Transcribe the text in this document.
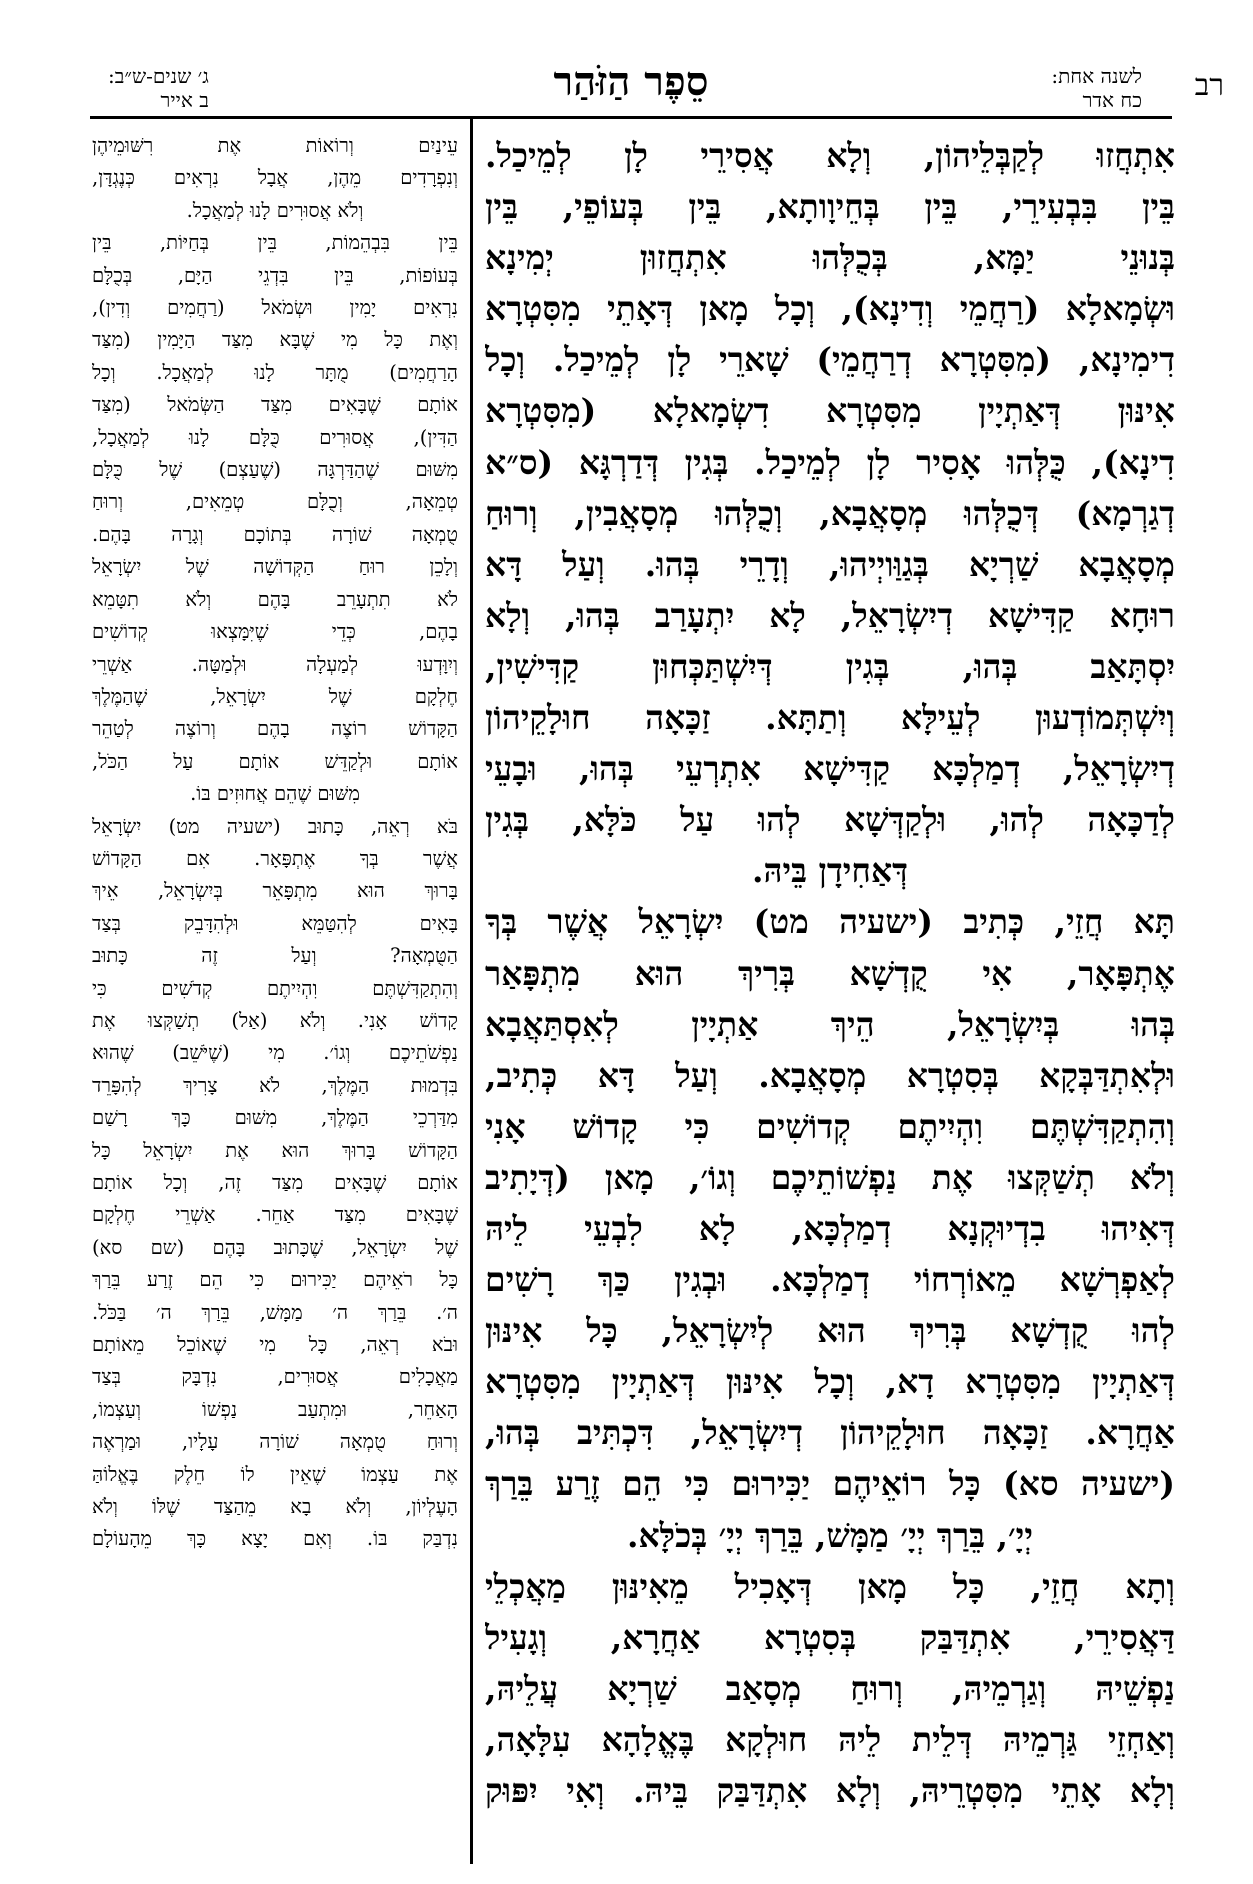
רב
לשנה אחת:
כח אדר
סֵפֶר הַזֹּהַר
ג׳ שנים-ש״ב:
ב אייר

אִתְחֲזוּ לְקַבְּלֵיהוֹן, וְלָא אֲסִירֵי לָן לְמֵיכַל.

בֵּין בִּבְעִירֵי, בֵּין בְּחֵיוָותָא, בֵּין בְּעוֹפֵי, בֵּין

בְּנוּנֵי יַמָּא, בְּכֻלְּהוּ אִתְחֲזוּן יְמִינָא

וּשְׂמָאלָא (רַחֲמֵי וְדִינָא), וְכָל מָאן דְּאָתֵי מִסִּטְרָא

דִימִינָא, (מִסִּטְרָא דְרַחֲמֵי) שָׁארֵי לָן לְמֵיכַל. וְכָל

אִינּוּן דְּאַתְיָין מִסִּטְרָא דִשְׂמָאלָא (מִסִּטְרָא

דִינָא), כֻּלְּהוּ אָסִיר לָן לְמֵיכַל. בְּגִין דְּדַרְגָּא (ס״א

דְגַרְמָא) דְּכֻלְּהוּ מְסָאֲבָא, וְכֻלְּהוּ מְסָאֲבִין, וְרוּחַ

מְסָאֲבָא שַׁרְיָא בְּגַוַּויְיהוּ, וְדָרֵי בְּהוּ. וְעַל דָּא

רוּחָא קַדִּישָׁא דְיִשְׂרָאֵל, לָא יִתְעָרַב בְּהוּ, וְלָא

יִסְתָּאַב בְּהוּ, בְּגִין דְּיִשְׁתַּכְּחוּן קַדִּישִׁין,

וְיִשְׁתְּמוֹדְעוּן לְעֵילָּא וְתַתָּא. זַכָּאָה חוּלָקֵיהוֹן

דְיִשְׂרָאֵל, דְמַלְכָּא קַדִּישָׁא אִתְרְעֵי בְּהוּ, וּבָעֵי

לְדַכָּאָה לְהוּ, וּלְקַדְּשָׁא לְהוּ עַל כֹּלָּא, בְּגִין

דְּאַחִידָן בֵּיהּ.

תָּא חֲזֵי, כְּתִיב (ישעיה מט) יִשְׂרָאֵל אֲשֶׁר בְּךָ

אֶתְפָּאָר, אִי קֻדְשָׁא בְּרִיךְ הוּא מִתְפָּאַר

בְּהוּ בְּיִשְׂרָאֵל, הֵיךְ אַתְיָין לְאִסְתַּאֲבָא

וּלְאִתְדַּבְּקָא בְּסִטְרָא מְסָאֲבָא. וְעַל דָּא כְּתִיב,

וְהִתְקַדִּשְׁתֶּם וִהְיִיתֶם קְדוֹשִׁים כִּי קָדוֹשׁ אָנִי

וְלֹא תְשַׁקְּצוּ אֶת נַפְשׁוֹתֵיכֶם וְגוֹ׳, מָאן (דְּיָתִיב

דְּאִיהוּ בִדְיוּקְנָא דְמַלְכָּא, לָא לִבְעֵי לֵיהּ

לְאַפְרְשָׁא מֵאוֹרְחוֹי דְמַלְכָּא. וּבְגִין כַּךְ רָשִׁים

לְהוּ קֻדְשָׁא בְּרִיךְ הוּא לְיִשְׂרָאֵל, כָּל אִינּוּן

דְּאַתְיָין מִסִּטְרָא דָא, וְכָל אִינּוּן דְּאַתְיָין מִסִּטְרָא

אַחֲרָא. זַכָּאָה חוּלָקֵיהוֹן דְיִשְׂרָאֵל, דִּכְתִּיב בְּהוּ,

(ישעיה סא) כָּל רוֹאֵיהֶם יַכִּירוּם כִּי הֵם זֶרַע בֵּרַךְ

יְיָ׳, בֵּרַךְ יְיָ׳ מַמָּשׁ, בֵּרַךְ יְיָ׳ בְּכֹלָּא.

וְתָא חֲזֵי, כָּל מָאן דְּאָכִיל מֵאִינּוּן מַאֲכְלֵי

דַּאֲסִירֵי, אִתְדַּבַּק בְּסִטְרָא אַחֲרָא, וְגָעִיל

נַפְשֵׁיהּ וְגַרְמֵיהּ, וְרוּחַ מְסָאַב שַׁרְיָא עֲלֵיהּ,

וְאַחְזֵי גַּרְמֵיהּ דְּלֵית לֵיהּ חוּלְקָא בֶּאֱלָהָא עִלָּאָה,

וְלָא אָתֵי מִסִּטְרֵיהּ, וְלָא אִתְדַּבַּק בֵּיהּ. וְאִי יִפּוּק

עֵינַיִם וְרוֹאוֹת אֶת רִשּׁוּמֵיהֶן

וְנִפְרָדִים מֵהֶן, אֲבָל נִרְאִים כְּנֶגְדָּן,

וְלֹא אֲסוּרִים לָנוּ לְמַאֲכָל.

בֵּין בִּבְהֵמוֹת, בֵּין בְּחַיּוֹת, בֵּין

בְּעוֹפוֹת, בֵּין בִּדְגֵי הַיָּם, בְּכֻלָּם

נִרְאִים יָמִין וּשְׂמֹאל (רַחֲמִים וְדִין),

וְאֶת כָּל מִי שֶׁבָּא מִצַּד הַיָּמִין (מִצַּד

הָרַחֲמִים) מֻתָּר לָנוּ לְמַאֲכָל. וְכָל

אוֹתָם שֶׁבָּאִים מִצַּד הַשְּׂמֹאל (מִצַּד

הַדִּין), אֲסוּרִים כֻּלָּם לָנוּ לְמַאֲכָל,

מִשּׁוּם שֶׁהַדַּרְגָּה (שֶׁעַצְם) שֶׁל כֻּלָּם

טְמֵאָה, וְכֻלָּם טְמֵאִים, וְרוּחַ

טֻמְאָה שׁוֹרָה בְּתוֹכָם וְגָרָה בָּהֶם.

וְלָכֵן רוּחַ הַקְּדוֹשָׁה שֶׁל יִשְׂרָאֵל

לֹא תִתְעָרֵב בָּהֶם וְלֹא תִטָּמֵא

בָהֶם, כְּדֵי שֶׁיִּמָּצְאוּ קְדוֹשִׁים

וְיִוָּדְעוּ לְמַעְלָה וּלְמַטָּה. אַשְׁרֵי

חֶלְקָם שֶׁל יִשְׂרָאֵל, שֶׁהַמֶּלֶךְ

הַקָּדוֹשׁ רוֹצֶה בָהֶם וְרוֹצֶה לְטַהֵר

אוֹתָם וּלְקַדֵּשׁ אוֹתָם עַל הַכֹּל,

מִשּׁוּם שֶׁהֵם אֲחוּזִים בּוֹ.

בֹּא רְאֵה, כָּתוּב (ישעיה מט) יִשְׂרָאֵל

אֲשֶׁר בְּךָ אֶתְפָּאָר. אִם הַקָּדוֹשׁ

בָּרוּךְ הוּא מִתְפָּאֵר בְּיִשְׂרָאֵל, אֵיךְ

בָּאִים לְהִטַּמֵּא וּלְהִדָּבֵק בְּצַד

הַטֻּמְאָה? וְעַל זֶה כָּתוּב

וְהִתְקַדִּשְׁתֶּם וִהְיִיתֶם קְדֹשִׁים כִּי

קָדוֹשׁ אָנִי. וְלֹא (אַל) תְשַׁקְּצוּ אֶת

נַפְשֹׁתֵיכֶם וְגוֹ׳. מִי (שֶׁיֹּשֵׁב) שֶׁהוּא

בִּדְמוּת הַמֶּלֶךְ, לֹא צָרִיךְ לְהִפָּרֵד

מִדַּרְכֵי הַמֶּלֶךְ, מִשּׁוּם כָּךְ רָשַׁם

הַקָּדוֹשׁ בָּרוּךְ הוּא אֶת יִשְׂרָאֵל כָּל

אוֹתָם שֶׁבָּאִים מִצַּד זֶה, וְכָל אוֹתָם

שֶׁבָּאִים מִצַּד אַחֵר. אַשְׁרֵי חֶלְקָם

שֶׁל יִשְׂרָאֵל, שֶׁכָּתוּב בָּהֶם (שם סא)

כָּל רֹאֵיהֶם יַכִּירוּם כִּי הֵם זֶרַע בֵּרַךְ

ה׳. בֵּרַךְ ה׳ מַמָּשׁ, בֵּרַךְ ה׳ בַּכֹּל.

וּבֹא רְאֵה, כָּל מִי שֶׁאוֹכֵל מֵאוֹתָם

מַאֲכָלִים אֲסוּרִים, נִדְבָּק בְּצַד

הָאַחֵר, וּמִתְעַב נַפְשׁוֹ וְעַצְמוֹ,

וְרוּחַ טֻמְאָה שׁוֹרָה עָלָיו, וּמַרְאֶה

אֶת עַצְמוֹ שֶׁאֵין לוֹ חֵלֶק בֶּאֱלוֹהַּ

הָעֶלְיוֹן, וְלֹא בָא מֵהַצַּד שֶׁלּוֹ וְלֹא

נִדְבַּק בּוֹ. וְאִם יָצָא כָּךְ מֵהָעוֹלָם
